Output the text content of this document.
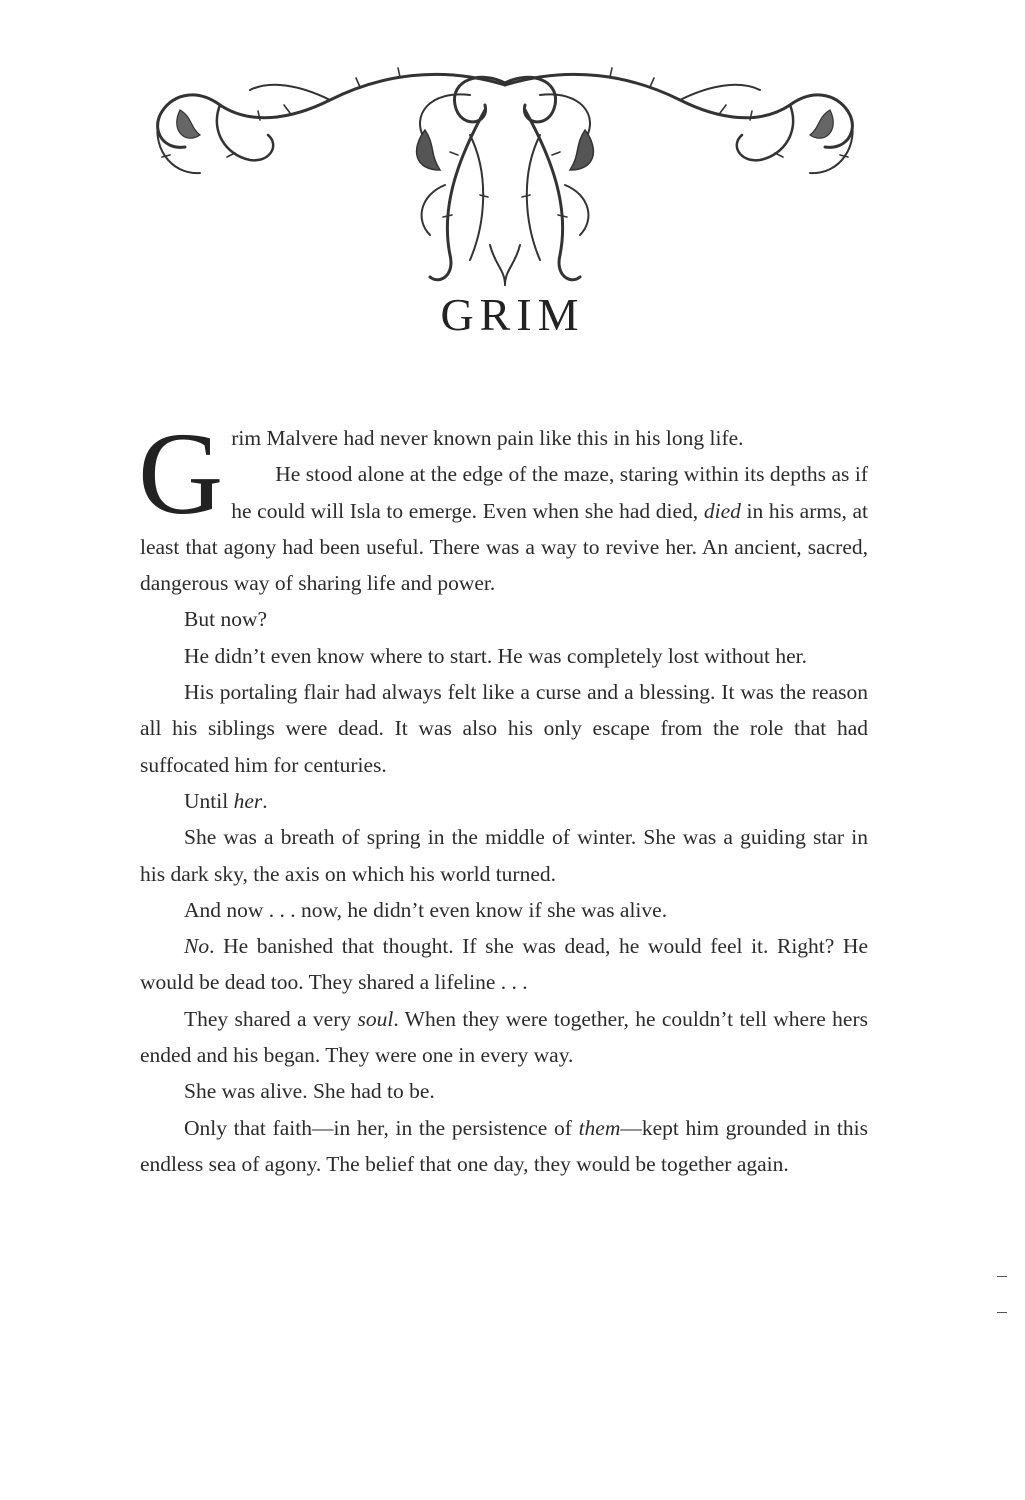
GRIM

Grim Malvere had never known pain like this in his long life.

He stood alone at the edge of the maze, staring within its depths as if he could will Isla to emerge. Even when she had died, died in his arms, at least that agony had been useful. There was a way to revive her. An ancient, sacred, dangerous way of sharing life and power.

But now?

He didn’t even know where to start. He was completely lost without her.

His portaling flair had always felt like a curse and a blessing. It was the reason all his siblings were dead. It was also his only escape from the role that had suffocated him for centuries.

Until her.

She was a breath of spring in the middle of winter. She was a guiding star in his dark sky, the axis on which his world turned.

And now . . . now, he didn’t even know if she was alive.

No. He banished that thought. If she was dead, he would feel it. Right? He would be dead too. They shared a lifeline . . .

They shared a very soul. When they were together, he couldn’t tell where hers ended and his began. They were one in every way.

She was alive. She had to be.

Only that faith—in her, in the persistence of them—kept him grounded in this endless sea of agony. The belief that one day, they would be together again.
